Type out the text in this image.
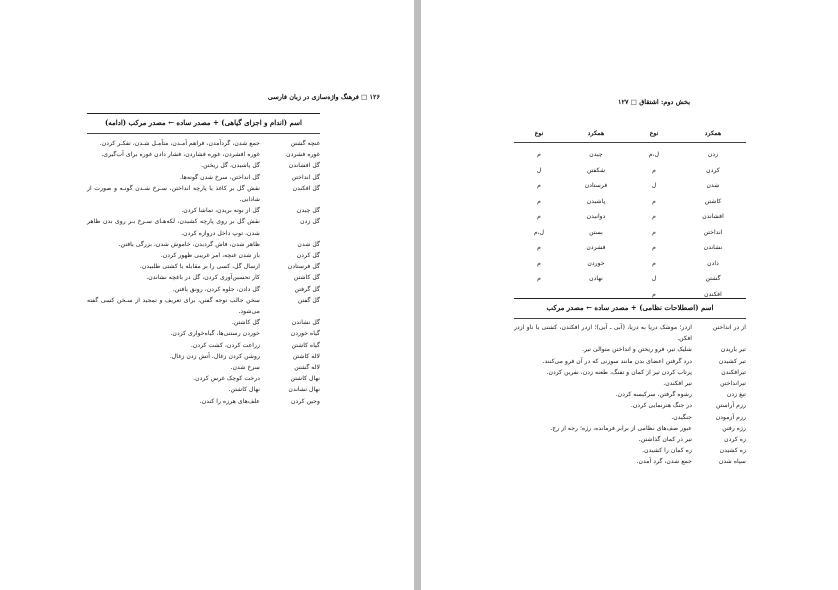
۱۲۶ □ فرهنگ واژه‌سازی در زبان فارسی
اسم (اندام و اجزای گیاهی) + مصدر ساده ← مصدر مرکب (ادامه)
غنچه گشتن
جمع شدن، گردآمدن، فراهم آمـدن، متأمـل شـدن، تفکـر کردن.
غوره فشردن
غوره افشردن، غوره فشاردن، فشار دادن غوره برای آب‌گیری.
گل افشاندن
گل پاشیدن، گل ریختن.
گل انداختن
گل انداختن، سرخ شدن گونه‌ها.
گل افکندن
نقش گل بر کاغذ یا پارچه انداختن، سـرخ شـدن گونـه و صورت از شادابی.
گل چیدن
گل از بوته بریدن، تماشا کردن.
گل زدن
نقش گل بر روی پارچه کشیدن، لکه‌هـای سـرخ بـر روی بدن ظاهر شدن، توپ داخل دروازه کردن.
گل شدن
ظاهر شدن، فاش گردیدن، خاموش شدن، بزرگی یافتن.
گل کردن
باز شدن غنچه، امر غریبی ظهور کردن.
گل فرستادن
ارسال گل، کسی را بر مقابله یا کشتی طلبیدن.
گل کاشتن
کار تحسین‌آوری کردن، گل در باغچه نشاندن.
گل گرفتن
گل دادن، جلوه کردن، رونق یافتن.
گل گفتن
سخن جالب توجه گفتن، برای تعریف و تمجید از سـخن کسی گفته می‌شود.
گل نشاندن
گل کاشتن.
گیاه خوردن
خوردن رستنی‌ها، گیاه‌خواری کردن.
گیاه کاشتن
زراعت کردن، کشت کردن.
لاله کاشتن
روشن کردن زغال، آتش زدن زغال.
لاله گشتن
سرخ شدن.
نهال کاشتن
درخت کوچک غرس کردن.
نهال نشاندن
نهال کاشتن.
وجین کردن
علف‌های هرزه را کندن.
بخش دوم: اشتقاق □ ۱۲۷
همکرد
نوع
همکرد
نوع
زدن
ل،م
چیدن
م
کردن
م
شکفتن
ل
شدن
ل
فرستادن
م
کاشتن
م
پاشیدن
م
افشاندن
م
دوانیدن
م
انداختن
م
بستن
ل،م
نشاندن
م
فشردن
م
دادن
م
خوردن
م
گشتن
ل
نهادن
م
افکندن
م
اسم (اصطلاحات نظامی) + مصدر ساده ← مصدر مرکب
از در انداختن
ازدر؛ موشک دریا به دریا، (آبی ـ آبی)؛ ازدر افکندن، کشتی یا ناو ازدر افکن.
تیر باریدن
شلیک تیر، فرو ریختن و انداختن متوالی تیر.
تیر کشیدن
درد گرفتن اعضای بدن مانند سوزنی که در آن فرو می‌کنند.
تیرافکندن
پرتاب کردن تیر از کمان و تفنگ، طعنه زدن، نفرین کردن.
تیرانداختن
تیر افکندن.
تیغ زدن
رشوه گرفتن، سرکیسه کردن.
رزم آراستن
در جنگ هنرنمایی کردن.
رزم آزمودن
جنگیدن.
رژه رفتن
عبور صف‌های نظامی از برابر فرمانده، رژه؛ رجه از رج.
زه کردن
تیر در کمان گذاشتن.
زه کشیدن
زه کمان را کشیدن.
سپاه شدن
جمع شدن، گرد آمدن.
